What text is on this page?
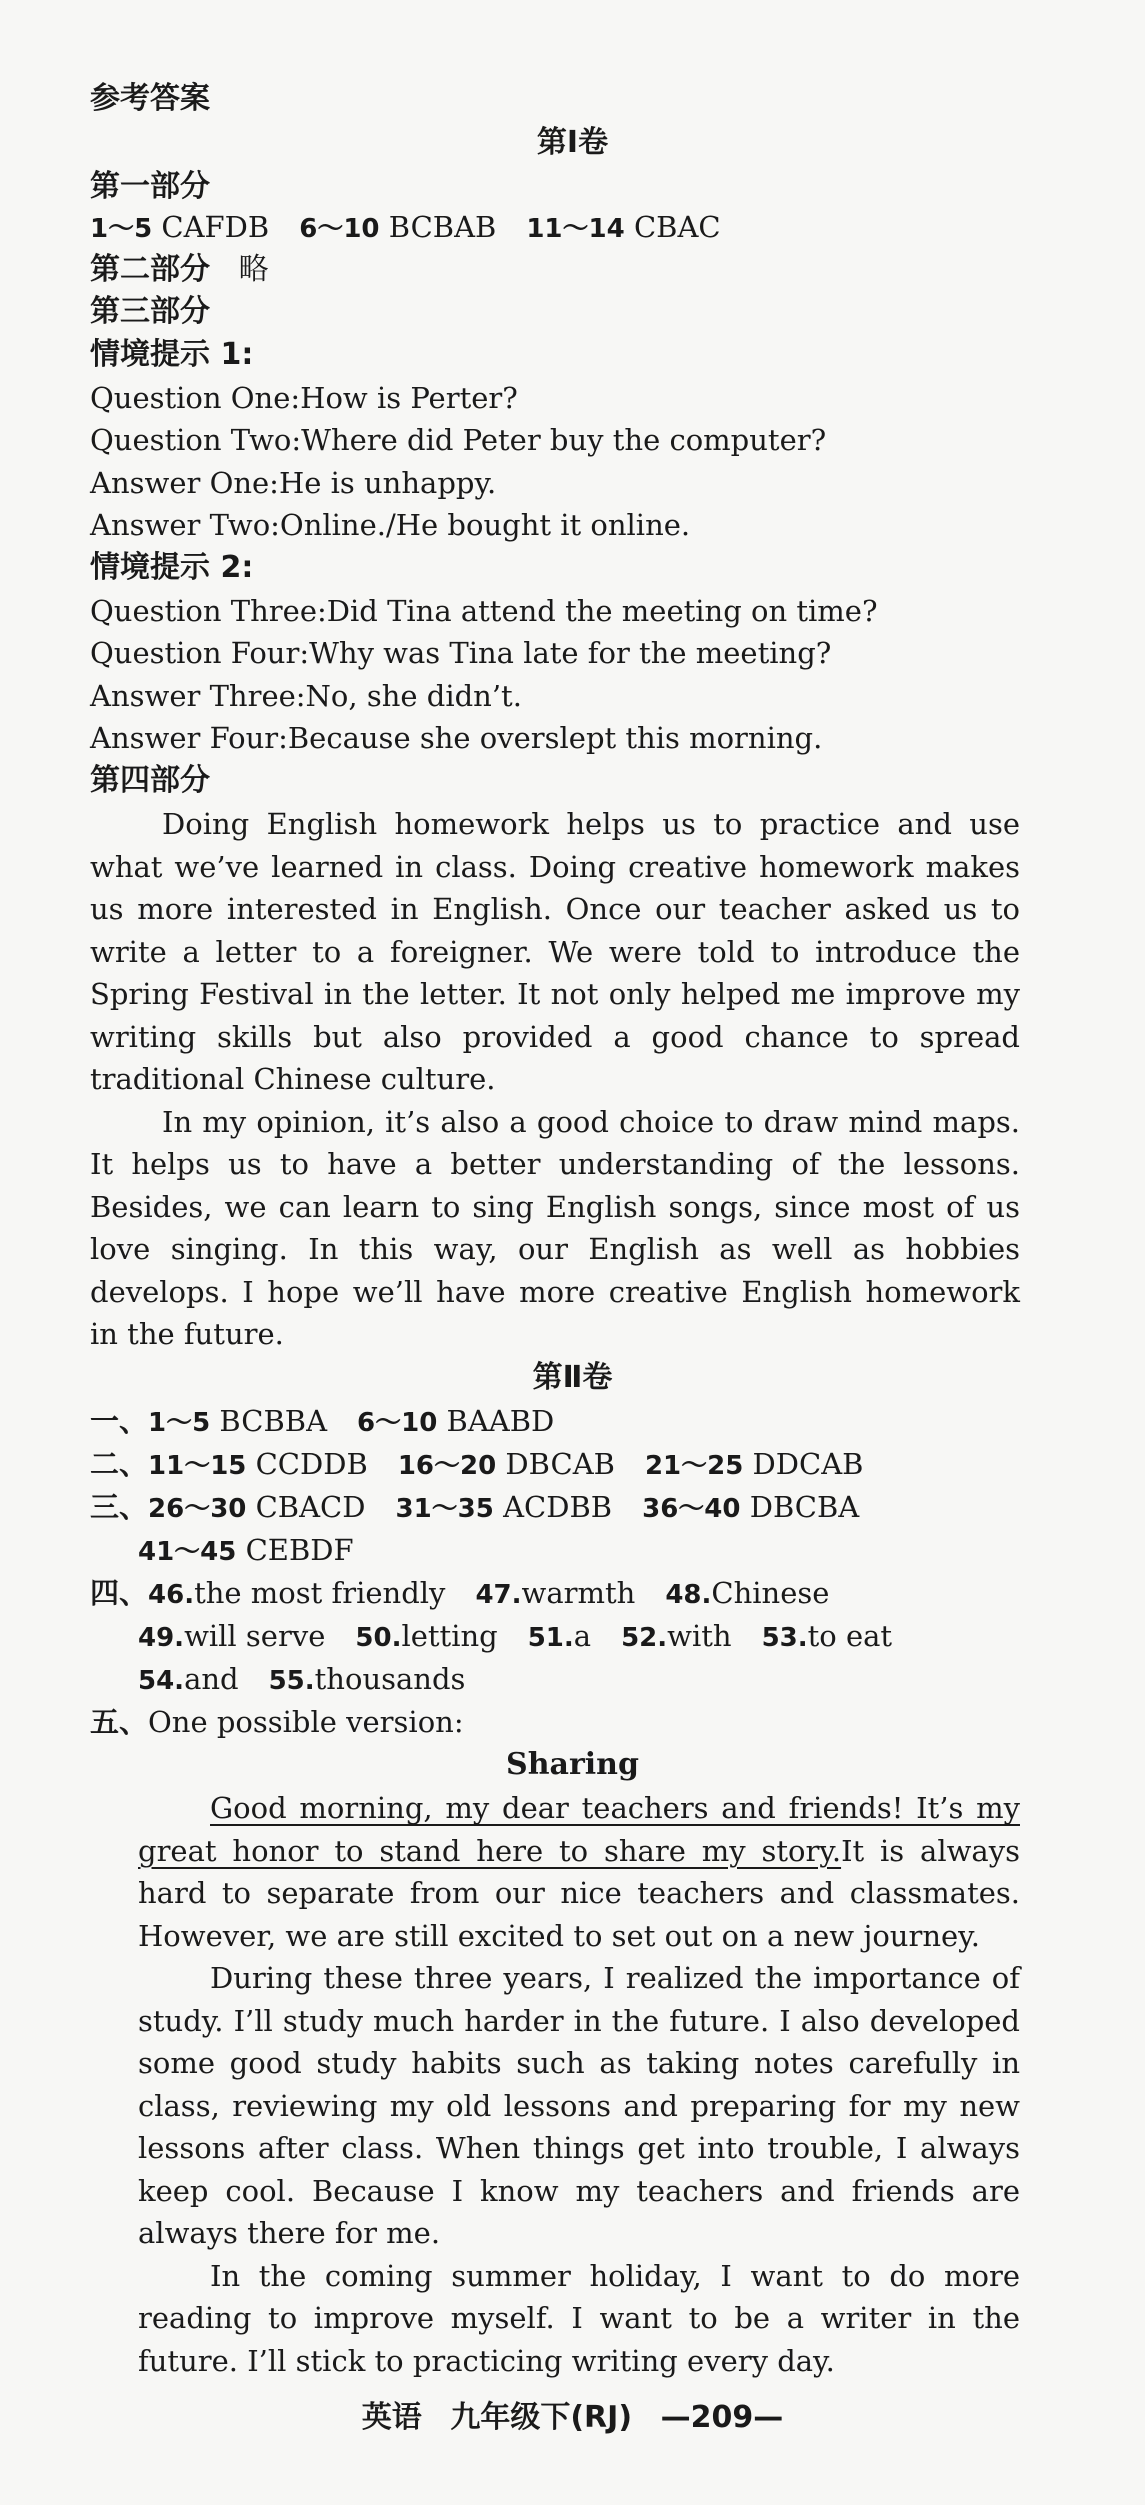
参考答案
第Ⅰ卷
第一部分
1～5 CAFDB 6～10 BCBAB 11～14 CBAC
第二部分 略
第三部分
情境提示 1:
Question One:How is Perter?
Question Two:Where did Peter buy the computer?
Answer One:He is unhappy.
Answer Two:Online./He bought it online.
情境提示 2:
Question Three:Did Tina attend the meeting on time?
Question Four:Why was Tina late for the meeting?
Answer Three:No, she didn’t.
Answer Four:Because she overslept this morning.
第四部分

Doing English homework helps us to practice and use what we’ve learned in class. Doing creative homework makes us more interested in English. Once our teacher asked us to write a letter to a foreigner. We were told to introduce the Spring Festival in the letter. It not only helped me improve my writing skills but also provided a good chance to spread traditional Chinese culture.

In my opinion, it’s also a good choice to draw mind maps. It helps us to have a better understanding of the lessons. Besides, we can learn to sing English songs, since most of us love singing. In this way, our English as well as hobbies develops. I hope we’ll have more creative English homework in the future.

第Ⅱ卷
一、1～5 BCBBA 6～10 BAABD
二、11～15 CCDDB 16～20 DBCAB 21～25 DDCAB
三、26～30 CBACD 31～35 ACDBB 36～40 DBCBA
41～45 CEBDF
四、46.the most friendly 47.warmth 48.Chinese
49.will serve 50.letting 51.a 52.with 53.to eat
54.and 55.thousands
五、One possible version:
Sharing

Good morning, my dear teachers and friends! It’s my great honor to stand here to share my story.It is always hard to separate from our nice teachers and classmates. However, we are still excited to set out on a new journey.

During these three years, I realized the importance of study. I’ll study much harder in the future. I also developed some good study habits such as taking notes carefully in class, reviewing my old lessons and preparing for my new lessons after class. When things get into trouble, I always keep cool. Because I know my teachers and friends are always there for me.

In the coming summer holiday, I want to do more reading to improve myself. I want to be a writer in the future. I’ll stick to practicing writing every day.

英语 九年级下(RJ) —209—
